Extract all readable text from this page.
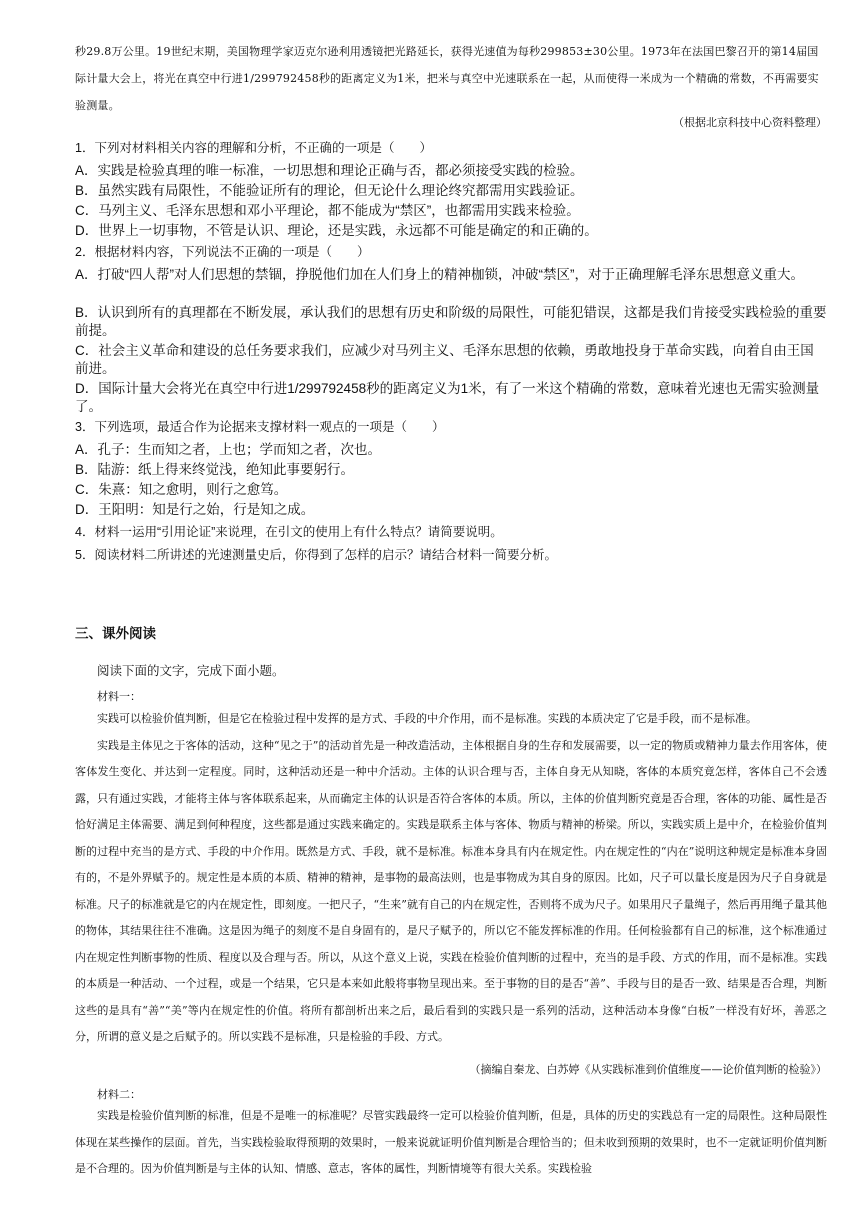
秒29.8万公里。19世纪末期，美国物理学家迈克尔逊利用透镜把光路延长，获得光速值为每秒299853±30公里。1973年在法国巴黎召开的第14届国际计量大会上，将光在真空中行进1/299792458秒的距离定义为1米，把米与真空中光速联系在一起，从而使得一米成为一个精确的常数，不再需要实验测量。
（根据北京科技中心资料整理）
1．下列对材料相关内容的理解和分析，不正确的一项是（　　）
A．实践是检验真理的唯一标准，一切思想和理论正确与否，都必须接受实践的检验。
B．虽然实践有局限性，不能验证所有的理论，但无论什么理论终究都需用实践验证。
C．马列主义、毛泽东思想和邓小平理论，都不能成为“禁区”，也都需用实践来检验。
D．世界上一切事物，不管是认识、理论，还是实践，永远都不可能是确定的和正确的。
2．根据材料内容，下列说法不正确的一项是（　　）
A．打破“四人帮”对人们思想的禁锢，挣脱他们加在人们身上的精神枷锁，冲破“禁区”，对于正确理解毛泽东思想意义重大。
B．认识到所有的真理都在不断发展，承认我们的思想有历史和阶级的局限性，可能犯错误，这都是我们肯接受实践检验的重要前提。
C．社会主义革命和建设的总任务要求我们，应减少对马列主义、毛泽东思想的依赖，勇敢地投身于革命实践，向着自由王国前进。
D．国际计量大会将光在真空中行进1/299792458秒的距离定义为1米，有了一米这个精确的常数，意味着光速也无需实验测量了。
3．下列选项，最适合作为论据来支撑材料一观点的一项是（　　）
A．孔子：生而知之者，上也；学而知之者，次也。
B．陆游：纸上得来终觉浅，绝知此事要躬行。
C．朱熹：知之愈明，则行之愈笃。
D．王阳明：知是行之始，行是知之成。
4．材料一运用“引用论证”来说理，在引文的使用上有什么特点？请简要说明。
5．阅读材料二所讲述的光速测量史后，你得到了怎样的启示？请结合材料一简要分析。
三、课外阅读
阅读下面的文字，完成下面小题。
材料一：

实践可以检验价值判断，但是它在检验过程中发挥的是方式、手段的中介作用，而不是标准。实践的本质决定了它是手段，而不是标准。

实践是主体见之于客体的活动，这种“见之于”的活动首先是一种改造活动，主体根据自身的生存和发展需要，以一定的物质或精神力量去作用客体，使客体发生变化、并达到一定程度。同时，这种活动还是一种中介活动。主体的认识合理与否，主体自身无从知晓，客体的本质究竟怎样，客体自己不会透露，只有通过实践，才能将主体与客体联系起来，从而确定主体的认识是否符合客体的本质。所以，主体的价值判断究竟是否合理，客体的功能、属性是否恰好满足主体需要、满足到何种程度，这些都是通过实践来确定的。实践是联系主体与客体、物质与精神的桥梁。所以，实践实质上是中介，在检验价值判断的过程中充当的是方式、手段的中介作用。既然是方式、手段，就不是标准。标准本身具有内在规定性。内在规定性的“内在”说明这种规定是标准本身固有的，不是外界赋予的。规定性是本质的本质、精神的精神，是事物的最高法则，也是事物成为其自身的原因。比如，尺子可以量长度是因为尺子自身就是标准。尺子的标准就是它的内在规定性，即刻度。一把尺子，“生来”就有自己的内在规定性，否则将不成为尺子。如果用尺子量绳子，然后再用绳子量其他的物体，其结果往往不准确。这是因为绳子的刻度不是自身固有的，是尺子赋予的，所以它不能发挥标准的作用。任何检验都有自己的标准，这个标准通过内在规定性判断事物的性质、程度以及合理与否。所以，从这个意义上说，实践在检验价值判断的过程中，充当的是手段、方式的作用，而不是标准。实践的本质是一种活动、一个过程，或是一个结果，它只是本来如此般将事物呈现出来。至于事物的目的是否“善”、手段与目的是否一致、结果是否合理，判断这些的是具有“善”“美”等内在规定性的价值。将所有都剖析出来之后，最后看到的实践只是一系列的活动，这种活动本身像“白板”一样没有好坏，善恶之分，所谓的意义是之后赋予的。所以实践不是标准，只是检验的手段、方式。

（摘编自秦龙、白苏婷《从实践标准到价值维度——论价值判断的检验》）
材料二：

实践是检验价值判断的标准，但是不是唯一的标准呢？尽管实践最终一定可以检验价值判断，但是，具体的历史的实践总有一定的局限性。这种局限性体现在某些操作的层面。首先，当实践检验取得预期的效果时，一般来说就证明价值判断是合理恰当的；但未收到预期的效果时，也不一定就证明价值判断是不合理的。因为价值判断是与主体的认知、情感、意志，客体的属性，判断情境等有很大关系。实践检验
